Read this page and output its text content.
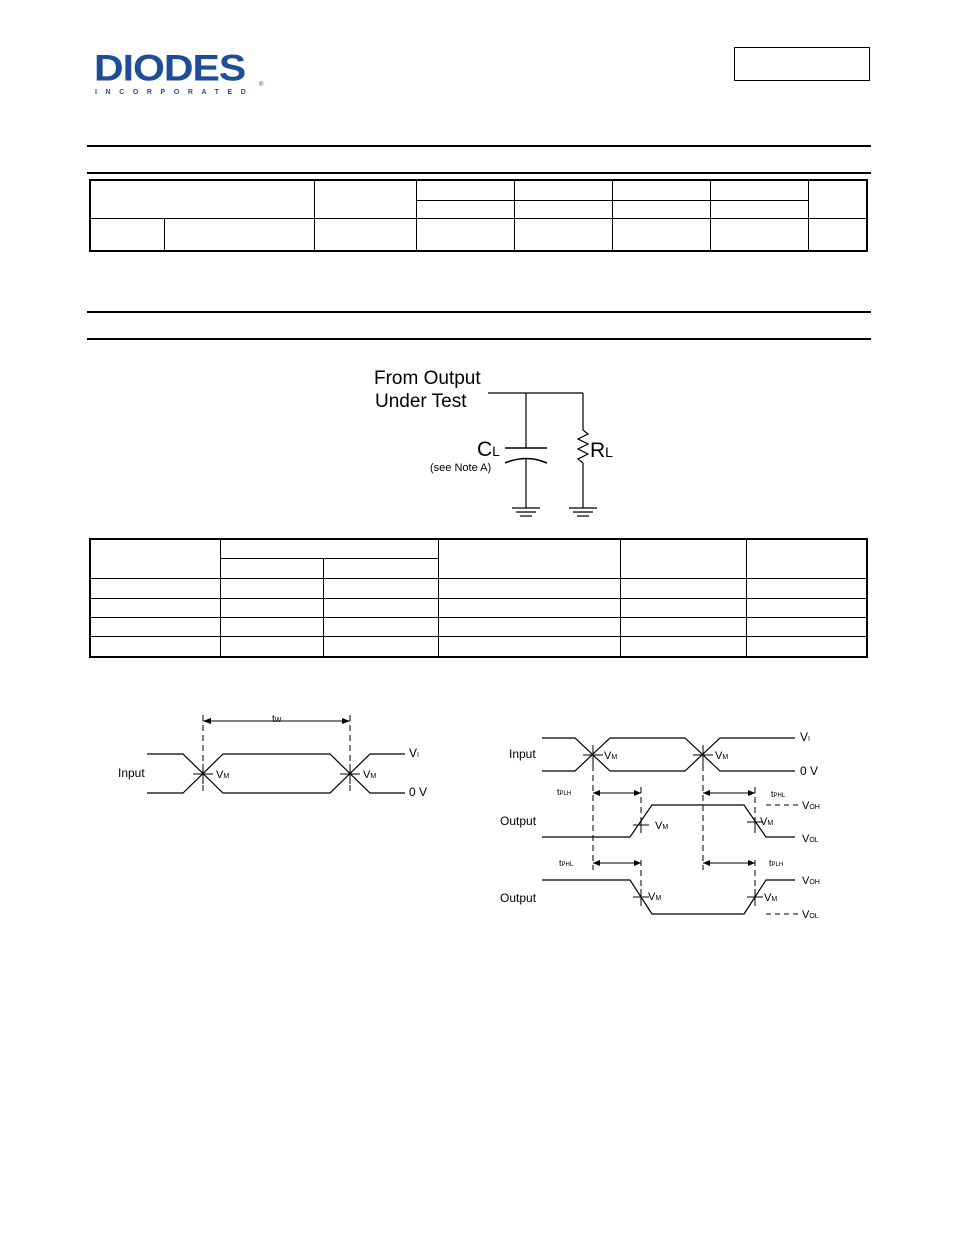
DIODES
INCORPORATED
®

From Output
Under Test
CL
(see Note A)
RL

tW
Input	VM	VM
VI
0 V
Input	VM	VM
VI
0 V
tPLH	tPHL
Output	VM	VM
VOH
VOL
tPHL	tPLH
Output	VM	VM
VOH
VOL
